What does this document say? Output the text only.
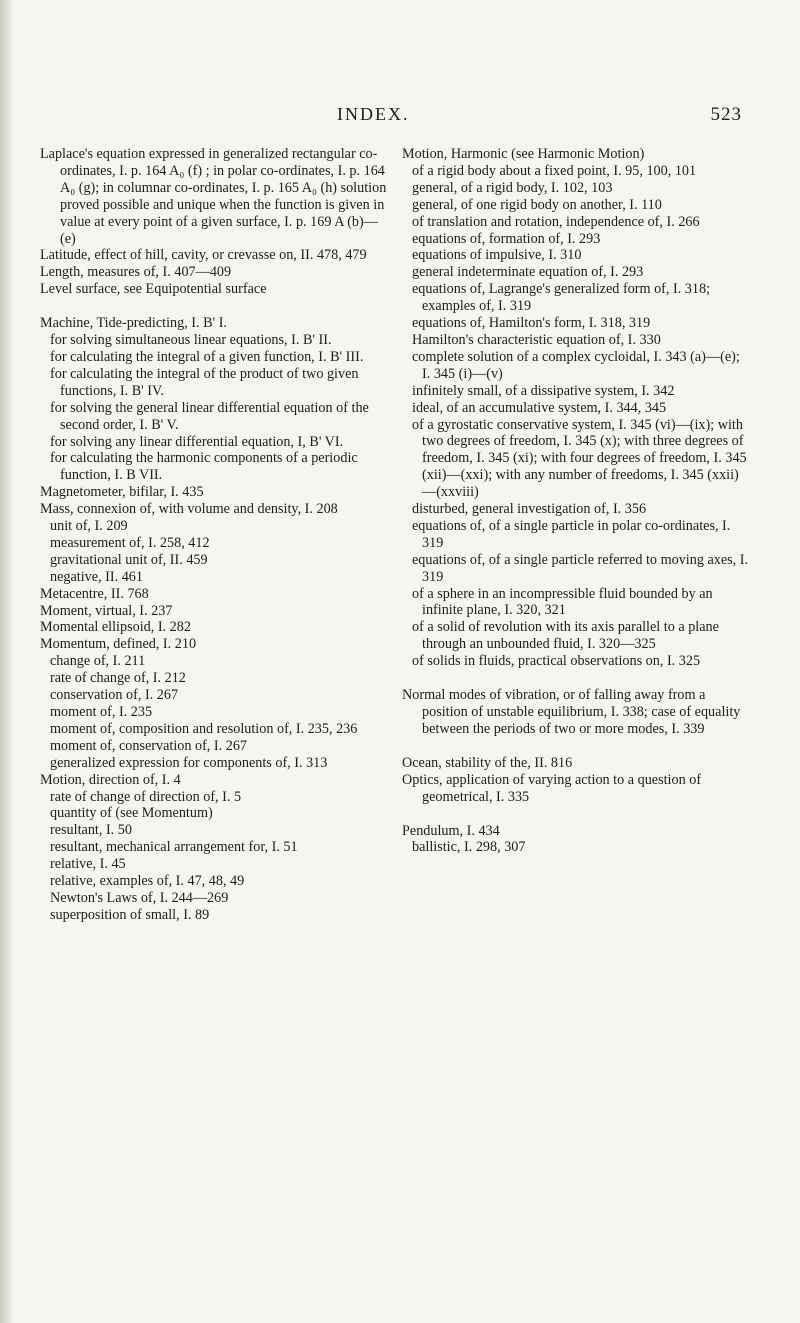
INDEX.	523

Laplace's equation expressed in generalized rectangular co-ordinates, I. p. 164 A₀ (f) ; in polar co-ordinates, I. p. 164 A₀ (g); in columnar co-ordinates, I. p. 165 A₀ (h) solution proved possible and unique when the function is given in value at every point of a given surface, I. p. 169 A (b)—(e)

Latitude, effect of hill, cavity, or crevasse on, II. 478, 479

Length, measures of, I. 407—409

Level surface, see Equipotential surface

Machine, Tide-predicting, I. B' I.

for solving simultaneous linear equations, I. B' II.

for calculating the integral of a given function, I. B' III.

for calculating the integral of the product of two given functions, I. B' IV.

for solving the general linear differential equation of the second order, I. B' V.

for solving any linear differential equation, I, B' VI.

for calculating the harmonic components of a periodic function, I. B VII.

Magnetometer, bifilar, I. 435

Mass, connexion of, with volume and density, I. 208

unit of, I. 209

measurement of, I. 258, 412

gravitational unit of, II. 459

negative, II. 461

Metacentre, II. 768

Moment, virtual, I. 237

Momental ellipsoid, I. 282

Momentum, defined, I. 210

change of, I. 211

rate of change of, I. 212

conservation of, I. 267

moment of, I. 235

moment of, composition and resolution of, I. 235, 236

moment of, conservation of, I. 267

generalized expression for components of, I. 313

Motion, direction of, I. 4

rate of change of direction of, I. 5

quantity of (see Momentum)

resultant, I. 50

resultant, mechanical arrangement for, I. 51

relative, I. 45

relative, examples of, I. 47, 48, 49

Newton's Laws of, I. 244—269

superposition of small, I. 89

Motion, Harmonic (see Harmonic Motion)

of a rigid body about a fixed point, I. 95, 100, 101

general, of a rigid body, I. 102, 103

general, of one rigid body on another, I. 110

of translation and rotation, independence of, I. 266

equations of, formation of, I. 293

equations of impulsive, I. 310

general indeterminate equation of, I. 293

equations of, Lagrange's generalized form of, I. 318; examples of, I. 319

equations of, Hamilton's form, I. 318, 319

Hamilton's characteristic equation of, I. 330

complete solution of a complex cycloidal, I. 343 (a)—(e); I. 345 (i)—(v)

infinitely small, of a dissipative system, I. 342

ideal, of an accumulative system, I. 344, 345

of a gyrostatic conservative system, I. 345 (vi)—(ix); with two degrees of freedom, I. 345 (x); with three degrees of freedom, I. 345 (xi); with four degrees of freedom, I. 345 (xii)—(xxi); with any number of freedoms, I. 345 (xxii)—(xxviii)

disturbed, general investigation of, I. 356

equations of, of a single particle in polar co-ordinates, I. 319

equations of, of a single particle referred to moving axes, I. 319

of a sphere in an incompressible fluid bounded by an infinite plane, I. 320, 321

of a solid of revolution with its axis parallel to a plane through an unbounded fluid, I. 320—325

of solids in fluids, practical observations on, I. 325

Normal modes of vibration, or of falling away from a position of unstable equilibrium, I. 338; case of equality between the periods of two or more modes, I. 339

Ocean, stability of the, II. 816

Optics, application of varying action to a question of geometrical, I. 335

Pendulum, I. 434

ballistic, I. 298, 307
